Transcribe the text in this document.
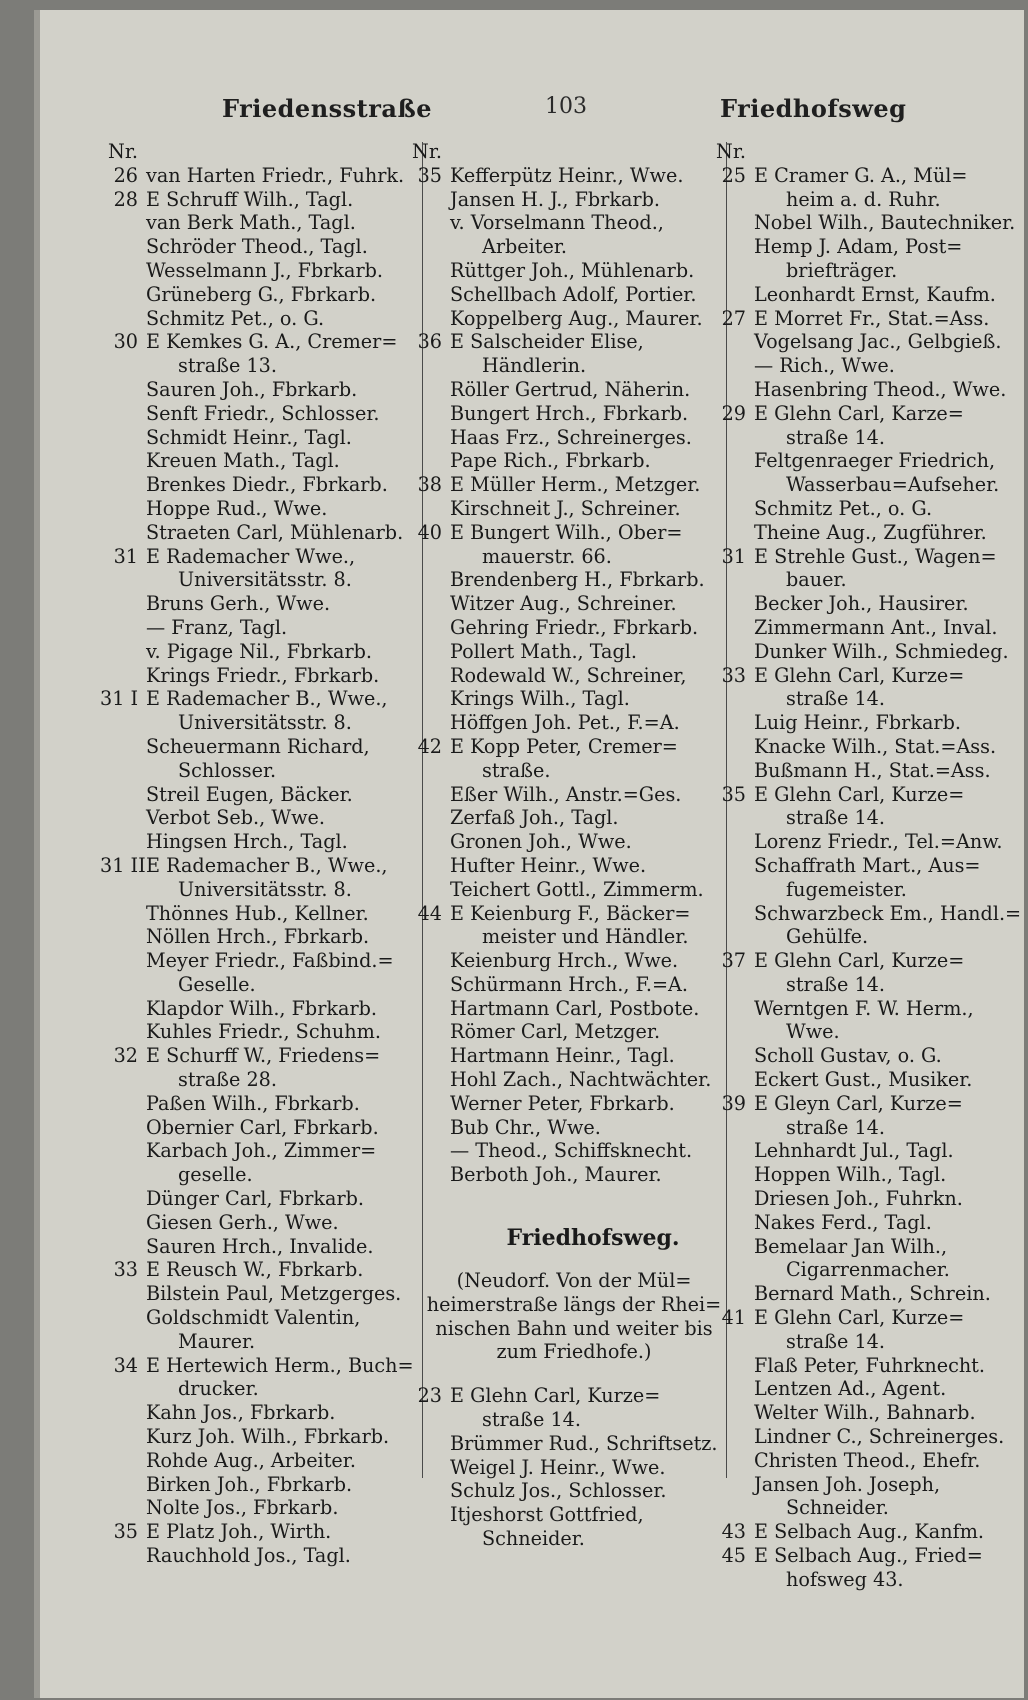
Friedensstraße	103	Friedhofsweg
Nr.
26 van Harten Friedr., Fuhrk.
28 E Schruff Wilh., Tagl.
van Berk Math., Tagl.
Schröder Theod., Tagl.
Wesselmann J., Fbrkarb.
Grüneberg G., Fbrkarb.
Schmitz Pet., o. G.
30 E Kemkes G. A., Cremer=
straße 13.
Sauren Joh., Fbrkarb.
Senft Friedr., Schlosser.
Schmidt Heinr., Tagl.
Kreuen Math., Tagl.
Brenkes Diedr., Fbrkarb.
Hoppe Rud., Wwe.
Straeten Carl, Mühlenarb.
31 E Rademacher Wwe.,
Universitätsstr. 8.
Bruns Gerh., Wwe.
— Franz, Tagl.
v. Pigage Nil., Fbrkarb.
Krings Friedr., Fbrkarb.
31 I E Rademacher B., Wwe.,
Universitätsstr. 8.
Scheuermann Richard,
Schlosser.
Streil Eugen, Bäcker.
Verbot Seb., Wwe.
Hingsen Hrch., Tagl.
31 IIE Rademacher B., Wwe.,
Universitätsstr. 8.
Thönnes Hub., Kellner.
Nöllen Hrch., Fbrkarb.
Meyer Friedr., Faßbind.=
Geselle.
Klapdor Wilh., Fbrkarb.
Kuhles Friedr., Schuhm.
32 E Schurff W., Friedens=
straße 28.
Paßen Wilh., Fbrkarb.
Obernier Carl, Fbrkarb.
Karbach Joh., Zimmer=
geselle.
Dünger Carl, Fbrkarb.
Giesen Gerh., Wwe.
Sauren Hrch., Invalide.
33 E Reusch W., Fbrkarb.
Bilstein Paul, Metzgerges.
Goldschmidt Valentin,
Maurer.
34 E Hertewich Herm., Buch=
drucker.
Kahn Jos., Fbrkarb.
Kurz Joh. Wilh., Fbrkarb.
Rohde Aug., Arbeiter.
Birken Joh., Fbrkarb.
Nolte Jos., Fbrkarb.
35 E Platz Joh., Wirth.
Rauchhold Jos., Tagl.
Nr.
35 Kefferpütz Heinr., Wwe.
Jansen H. J., Fbrkarb.
v. Vorselmann Theod.,
Arbeiter.
Rüttger Joh., Mühlenarb.
Schellbach Adolf, Portier.
Koppelberg Aug., Maurer.
36 E Salscheider Elise,
Händlerin.
Röller Gertrud, Näherin.
Bungert Hrch., Fbrkarb.
Haas Frz., Schreinerges.
Pape Rich., Fbrkarb.
38 E Müller Herm., Metzger.
Kirschneit J., Schreiner.
40 E Bungert Wilh., Ober=
mauerstr. 66.
Brendenberg H., Fbrkarb.
Witzer Aug., Schreiner.
Gehring Friedr., Fbrkarb.
Pollert Math., Tagl.
Rodewald W., Schreiner,
Krings Wilh., Tagl.
Höffgen Joh. Pet., F.=A.
42 E Kopp Peter, Cremer=
straße.
Eßer Wilh., Anstr.=Ges.
Zerfaß Joh., Tagl.
Gronen Joh., Wwe.
Hufter Heinr., Wwe.
Teichert Gottl., Zimmerm.
44 E Keienburg F., Bäcker=
meister und Händler.
Keienburg Hrch., Wwe.
Schürmann Hrch., F.=A.
Hartmann Carl, Postbote.
Römer Carl, Metzger.
Hartmann Heinr., Tagl.
Hohl Zach., Nachtwächter.
Werner Peter, Fbrkarb.
Bub Chr., Wwe.
— Theod., Schiffsknecht.
Berboth Joh., Maurer.
Friedhofsweg.
(Neudorf. Von der Mül=
heimerstraße längs der Rhei=
nischen Bahn und weiter bis
zum Friedhofe.)
23 E Glehn Carl, Kurze=
straße 14.
Brümmer Rud., Schriftsetz.
Weigel J. Heinr., Wwe.
Schulz Jos., Schlosser.
Itjeshorst Gottfried,
Schneider.
Nr.
25 E Cramer G. A., Mül=
heim a. d. Ruhr.
Nobel Wilh., Bautechniker.
Hemp J. Adam, Post=
briefträger.
Leonhardt Ernst, Kaufm.
27 E Morret Fr., Stat.=Ass.
Vogelsang Jac., Gelbgieß.
— Rich., Wwe.
Hasenbring Theod., Wwe.
29 E Glehn Carl, Karze=
straße 14.
Feltgenraeger Friedrich,
Wasserbau=Aufseher.
Schmitz Pet., o. G.
Theine Aug., Zugführer.
31 E Strehle Gust., Wagen=
bauer.
Becker Joh., Hausirer.
Zimmermann Ant., Inval.
Dunker Wilh., Schmiedeg.
33 E Glehn Carl, Kurze=
straße 14.
Luig Heinr., Fbrkarb.
Knacke Wilh., Stat.=Ass.
Bußmann H., Stat.=Ass.
35 E Glehn Carl, Kurze=
straße 14.
Lorenz Friedr., Tel.=Anw.
Schaffrath Mart., Aus=
fugemeister.
Schwarzbeck Em., Handl.=
Gehülfe.
37 E Glehn Carl, Kurze=
straße 14.
Werntgen F. W. Herm.,
Wwe.
Scholl Gustav, o. G.
Eckert Gust., Musiker.
39 E Gleyn Carl, Kurze=
straße 14.
Lehnhardt Jul., Tagl.
Hoppen Wilh., Tagl.
Driesen Joh., Fuhrkn.
Nakes Ferd., Tagl.
Bemelaar Jan Wilh.,
Cigarrenmacher.
Bernard Math., Schrein.
41 E Glehn Carl, Kurze=
straße 14.
Flaß Peter, Fuhrknecht.
Lentzen Ad., Agent.
Welter Wilh., Bahnarb.
Lindner C., Schreinerges.
Christen Theod., Ehefr.
Jansen Joh. Joseph,
Schneider.
43 E Selbach Aug., Kanfm.
45 E Selbach Aug., Fried=
hofsweg 43.
